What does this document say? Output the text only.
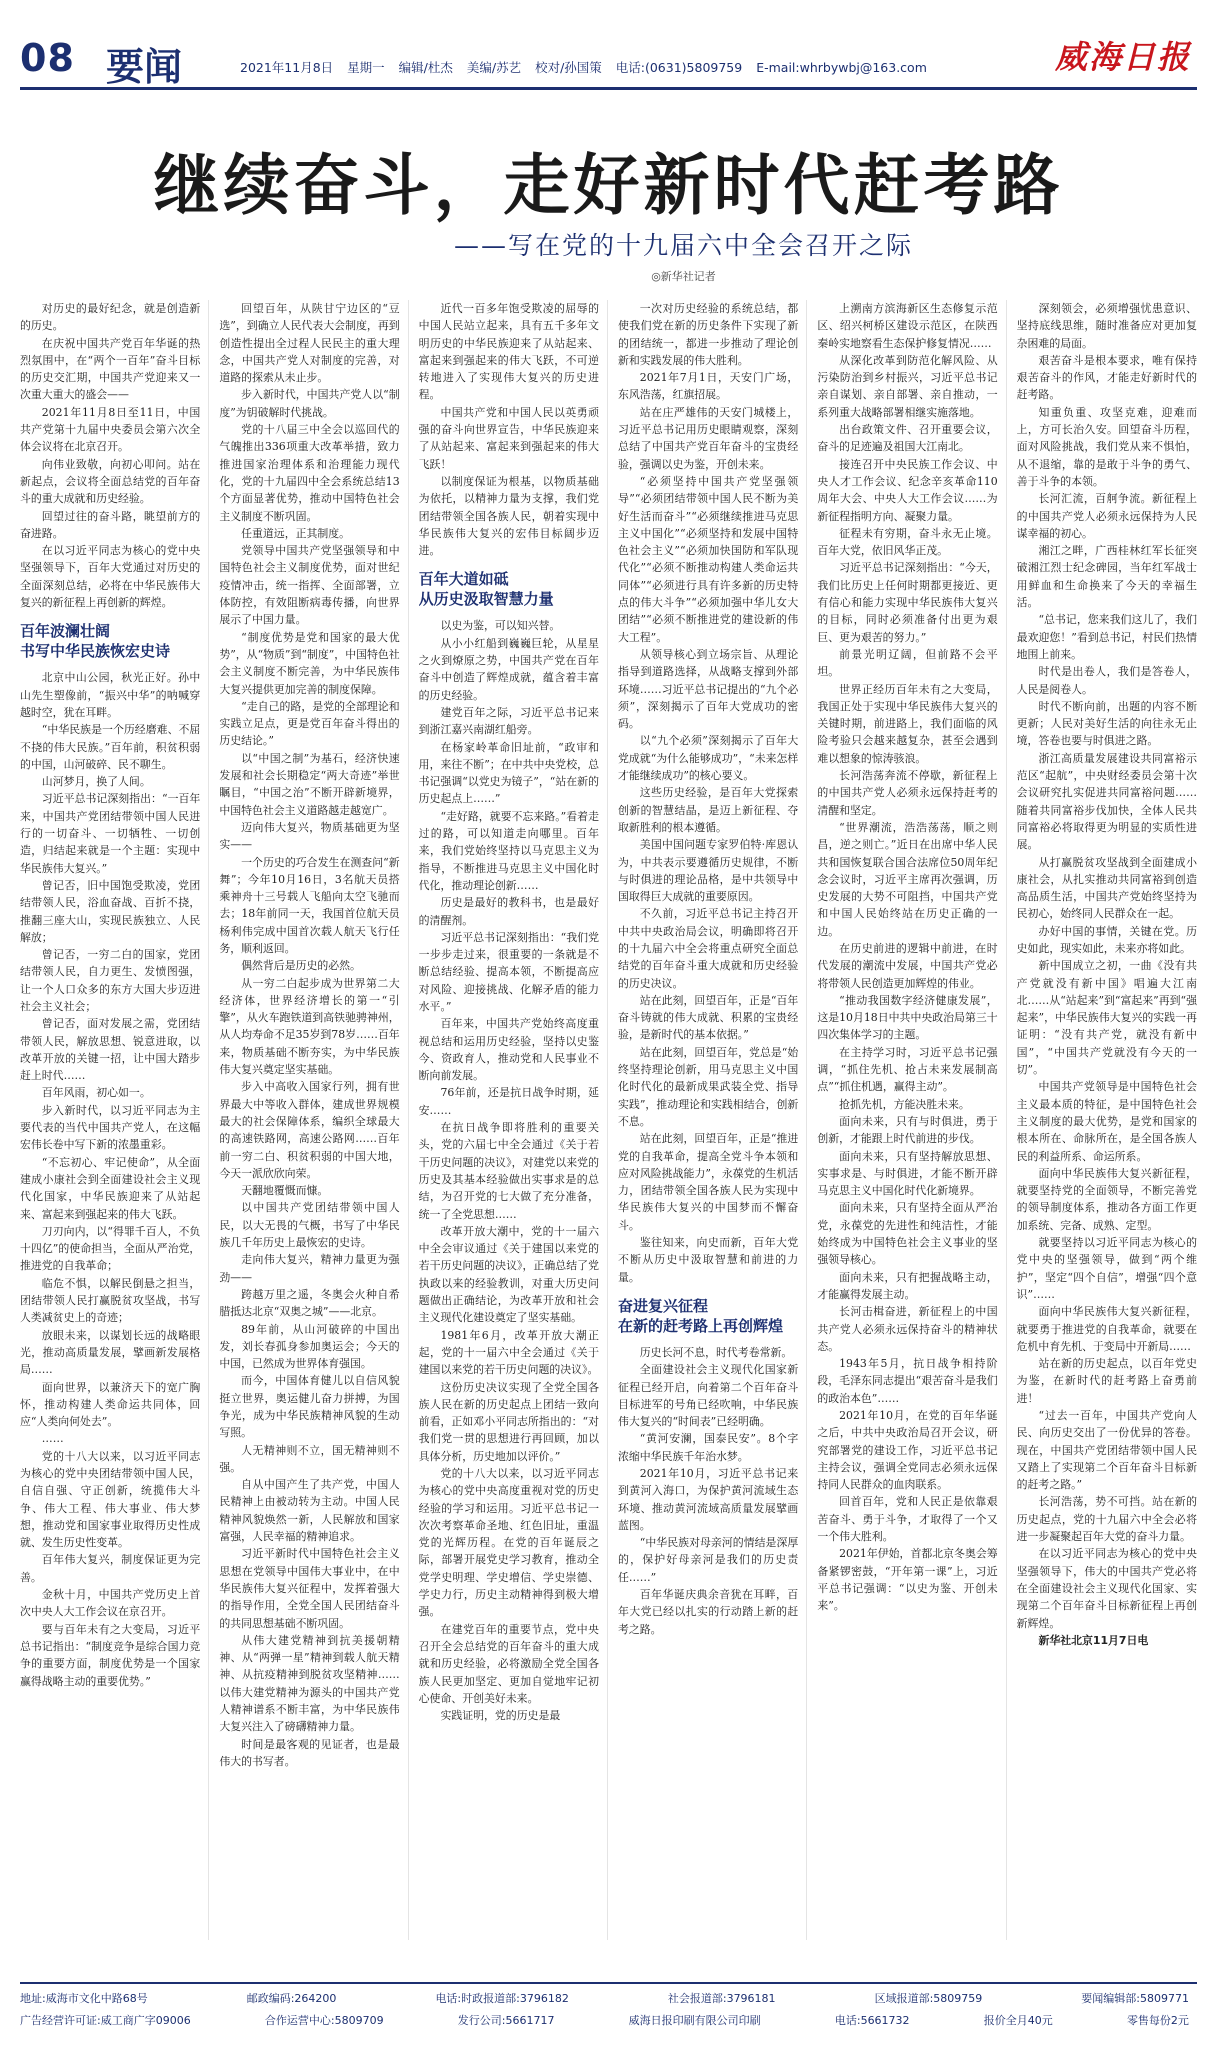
08 要闻	2021年11月8日 星期一 编辑/杜杰 美编/苏艺 校对/孙国策 电话:(0631)5809759 E-mail:whrbywbj@163.com	威海日报
继续奋斗，走好新时代赶考路
——写在党的十九届六中全会召开之际
◎新华社记者

对历史的最好纪念，就是创造新的历史。

在庆祝中国共产党百年华诞的热烈氛围中，在“两个一百年”奋斗目标的历史交汇期，中国共产党迎来又一次重大重大的盛会——

2021年11月8日至11日，中国共产党第十九届中央委员会第六次全体会议将在北京召开。

向伟业致敬，向初心叩问。站在新起点，会议将全面总结党的百年奋斗的重大成就和历史经验。

回望过往的奋斗路，眺望前方的奋进路。

在以习近平同志为核心的党中央坚强领导下，百年大党通过对历史的全面深刻总结，必将在中华民族伟大复兴的新征程上再创新的辉煌。

百年波澜壮阔
书写中华民族恢宏史诗

北京中山公园，秋光正好。孙中山先生塑像前，“振兴中华”的呐喊穿越时空，犹在耳畔。

“中华民族是一个历经磨难、不屈不挠的伟大民族。”百年前，积贫积弱的中国，山河破碎、民不聊生。

山河梦月，换了人间。

习近平总书记深刻指出：“一百年来，中国共产党团结带领中国人民进行的一切奋斗、一切牺牲、一切创造，归结起来就是一个主题：实现中华民族伟大复兴。”

曾记否，旧中国饱受欺凌，党团结带领人民，浴血奋战、百折不挠，推翻三座大山，实现民族独立、人民解放；

曾记否，一穷二白的国家，党团结带领人民，自力更生、发愤图强，让一个人口众多的东方大国大步迈进社会主义社会；

曾记否，面对发展之需，党团结带领人民，解放思想、锐意进取，以改革开放的关键一招，让中国大踏步赶上时代……

百年风雨，初心如一。

步入新时代，以习近平同志为主要代表的当代中国共产党人，在这幅宏伟长卷中写下新的浓墨重彩。

“不忘初心、牢记使命”，从全面建成小康社会到全面建设社会主义现代化国家，中华民族迎来了从站起来、富起来到强起来的伟大飞跃。

刀刃向内，以“得罪千百人，不负十四亿”的使命担当，全面从严治党，推进党的自我革命；

临危不惧，以解民倒悬之担当，团结带领人民打赢脱贫攻坚战，书写人类减贫史上的奇迹；

放眼未来，以谋划长远的战略眼光，推动高质量发展，擘画新发展格局……

面向世界，以兼济天下的宽广胸怀，推动构建人类命运共同体，回应“人类向何处去”。

……

党的十八大以来，以习近平同志为核心的党中央团结带领中国人民，自信自强、守正创新，统揽伟大斗争、伟大工程、伟大事业、伟大梦想，推动党和国家事业取得历史性成就、发生历史性变革。

百年伟大复兴，制度保证更为完善。

金秋十月，中国共产党历史上首次中央人大工作会议在京召开。

要与百年未有之大变局，习近平总书记指出：“制度竞争是综合国力竞争的重要方面，制度优势是一个国家赢得战略主动的重要优势。”

回望百年，从陕甘宁边区的“豆选”，到确立人民代表大会制度，再到创造性提出全过程人民民主的重大理念，中国共产党人对制度的完善，对道路的探索从未止步。

步入新时代，中国共产党人以“制度”为钥破解时代挑战。

党的十八届三中全会以巡回代的气魄推出336项重大改革举措，致力推进国家治理体系和治理能力现代化，党的十九届四中全会系统总结13个方面显著优势，推动中国特色社会主义制度不断巩固。

任重道远，正其制度。

党领导中国共产党坚强领导和中国特色社会主义制度优势，面对世纪疫情冲击，统一指挥、全面部署，立体防控，有效阻断病毒传播，向世界展示了中国力量。

“制度优势是党和国家的最大优势”，从“物质”到“制度”，中国特色社会主义制度不断完善，为中华民族伟大复兴提供更加完善的制度保障。

“走自己的路，是党的全部理论和实践立足点，更是党百年奋斗得出的历史结论。”

以“中国之制”为基石，经济快速发展和社会长期稳定“两大奇迹”举世瞩目，“中国之治”不断开辟新境界，中国特色社会主义道路越走越宽广。

迈向伟大复兴，物质基础更为坚实——

一个历史的巧合发生在测查问“新舞”；今年10月16日，3名航天员搭乘神舟十三号载人飞船向太空飞驰而去；18年前同一天，我国首位航天员杨利伟完成中国首次载人航天飞行任务，顺利返回。

偶然背后是历史的必然。

从一穷二白起步成为世界第二大经济体，世界经济增长的第一“引擎”，从火车跑铁道到高铁驰骋神州，从人均寿命不足35岁到78岁……百年来，物质基础不断夯实，为中华民族伟大复兴奠定坚实基础。

步入中高收入国家行列，拥有世界最大中等收入群体，建成世界规模最大的社会保障体系，编织全球最大的高速铁路网，高速公路网……百年前一穷二白、积贫积弱的中国大地，今天一派欣欣向荣。

天翻地覆慨而慷。

以中国共产党团结带领中国人民，以大无畏的气概，书写了中华民族几千年历史上最恢宏的史诗。

走向伟大复兴，精神力量更为强劲——

跨越万里之遥，冬奥会火种自希腊抵达北京“双奥之城”——北京。

89年前，从山河破碎的中国出发，刘长春孤身参加奥运会；今天的中国，已然成为世界体育强国。

而今，中国体育健儿以自信风貌挺立世界，奥运健儿奋力拼搏，为国争光，成为中华民族精神风貌的生动写照。

人无精神则不立，国无精神则不强。

自从中国产生了共产党，中国人民精神上由被动转为主动。中国人民精神风貌焕然一新，人民解放和国家富强，人民幸福的精神追求。

习近平新时代中国特色社会主义思想在党领导中国伟大事业中，在中华民族伟大复兴征程中，发挥着强大的指导作用，全党全国人民团结奋斗的共同思想基础不断巩固。

从伟大建党精神到抗美援朝精神、从“两弹一星”精神到载人航天精神、从抗疫精神到脱贫攻坚精神……以伟大建党精神为源头的中国共产党人精神谱系不断丰富，为中华民族伟大复兴注入了磅礴精神力量。

时间是最客观的见证者，也是最伟大的书写者。

近代一百多年饱受欺凌的屈辱的中国人民站立起来，具有五千多年文明历史的中华民族迎来了从站起来、富起来到强起来的伟大飞跃，不可逆转地进入了实现伟大复兴的历史进程。

中国共产党和中国人民以英勇顽强的奋斗向世界宣告，中华民族迎来了从站起来、富起来到强起来的伟大飞跃！

以制度保证为根基，以物质基础为依托，以精神力量为支撑，我们党团结带领全国各族人民，朝着实现中华民族伟大复兴的宏伟目标阔步迈进。

百年大道如砥
从历史汲取智慧力量

以史为鉴，可以知兴替。

从小小红船到巍巍巨轮，从星星之火到燎原之势，中国共产党在百年奋斗中创造了辉煌成就，蕴含着丰富的历史经验。

建党百年之际，习近平总书记来到浙江嘉兴南湖红船旁。

在杨家岭革命旧址前，“政审和用，来往不断”；在中共中央党校，总书记强调“以党史为镜子”，“站在新的历史起点上……”

“走好路，就要不忘来路。”看着走过的路，可以知道走向哪里。百年来，我们党始终坚持以马克思主义为指导，不断推进马克思主义中国化时代化，推动理论创新……

历史是最好的教科书，也是最好的清醒剂。

习近平总书记深刻指出：“我们党一步步走过来，很重要的一条就是不断总结经验、提高本领，不断提高应对风险、迎接挑战、化解矛盾的能力水平。”

百年来，中国共产党始终高度重视总结和运用历史经验，坚持以史鉴今、资政育人，推动党和人民事业不断向前发展。

76年前，还是抗日战争时期，延安……

在抗日战争即将胜利的重要关头，党的六届七中全会通过《关于若干历史问题的决议》，对建党以来党的历史及其基本经验做出实事求是的总结，为召开党的七大做了充分准备，统一了全党思想……

改革开放大潮中，党的十一届六中全会审议通过《关于建国以来党的若干历史问题的决议》，正确总结了党执政以来的经验教训，对重大历史问题做出正确结论，为改革开放和社会主义现代化建设奠定了坚实基础。

1981年6月，改革开放大潮正起，党的十一届六中全会通过《关于建国以来党的若干历史问题的决议》。

这份历史决议实现了全党全国各族人民在新的历史起点上团结一致向前看，正如邓小平同志所指出的：“对我们党一贯的思想进行再回顾，加以具体分析，历史地加以评价。”

党的十八大以来，以习近平同志为核心的党中央高度重视对党的历史经验的学习和运用。习近平总书记一次次考察革命圣地、红色旧址，重温党的光辉历程。在党的百年诞辰之际，部署开展党史学习教育，推动全党学史明理、学史增信、学史崇德、学史力行，历史主动精神得到极大增强。

在建党百年的重要节点，党中央召开全会总结党的百年奋斗的重大成就和历史经验，必将激励全党全国各族人民更加坚定、更加自觉地牢记初心使命、开创美好未来。

实践证明，党的历史是最

一次对历史经验的系统总结，都使我们党在新的历史条件下实现了新的团结统一，都进一步推动了理论创新和实践发展的伟大胜利。

2021年7月1日，天安门广场，东风浩荡，红旗招展。

站在庄严雄伟的天安门城楼上，习近平总书记用历史眼睛观察，深刻总结了中国共产党百年奋斗的宝贵经验，强调以史为鉴，开创未来。

“必须坚持中国共产党坚强领导”“必须团结带领中国人民不断为美好生活而奋斗”“必须继续推进马克思主义中国化”“必须坚持和发展中国特色社会主义”“必须加快国防和军队现代化”“必须不断推动构建人类命运共同体”“必须进行具有许多新的历史特点的伟大斗争”“必须加强中华儿女大团结”“必须不断推进党的建设新的伟大工程”。

从领导核心到立场宗旨、从理论指导到道路选择，从战略支撑到外部环境……习近平总书记提出的“九个必须”，深刻揭示了百年大党成功的密码。

以“九个必须”深刻揭示了百年大党成就“为什么能够成功”，“未来怎样才能继续成功”的核心要义。

这些历史经验，是百年大党探索创新的智慧结晶，是迈上新征程、夺取新胜利的根本遵循。

美国中国问题专家罗伯特·库恩认为，中共表示要遵循历史规律，不断与时俱进的理论品格，是中共领导中国取得巨大成就的重要原因。

不久前，习近平总书记主持召开中共中央政治局会议，明确即将召开的十九届六中全会将重点研究全面总结党的百年奋斗重大成就和历史经验的历史决议。

站在此刻，回望百年，正是“百年奋斗铸就的伟大成就、积累的宝贵经验，是新时代的基本依据。”

站在此刻，回望百年，党总是“始终坚持理论创新，用马克思主义中国化时代化的最新成果武装全党、指导实践”，推动理论和实践相结合，创新不息。

站在此刻，回望百年，正是“推进党的自我革命，提高全党斗争本领和应对风险挑战能力”，永葆党的生机活力，团结带领全国各族人民为实现中华民族伟大复兴的中国梦而不懈奋斗。

鉴往知来，向史而新，百年大党不断从历史中汲取智慧和前进的力量。

奋进复兴征程
在新的赶考路上再创辉煌

历史长河不息，时代考卷常新。

全面建设社会主义现代化国家新征程已经开启，向着第二个百年奋斗目标进军的号角已经吹响，中华民族伟大复兴的“时间表”已经明确。

“黄河安澜，国泰民安”。8个字浓缩中华民族千年治水梦。

2021年10月，习近平总书记来到黄河入海口，为保护黄河流域生态环境、推动黄河流域高质量发展擘画蓝图。

“中华民族对母亲河的情结是深厚的，保护好母亲河是我们的历史责任……”

百年华诞庆典余音犹在耳畔，百年大党已经以扎实的行动踏上新的赶考之路。

上溯南方滨海新区生态修复示范区、绍兴柯桥区建设示范区，在陕西秦岭实地察看生态保护修复情况……

从深化改革到防范化解风险、从污染防治到乡村振兴，习近平总书记亲自谋划、亲自部署、亲自推动，一系列重大战略部署相继实施落地。

出台政策文件、召开重要会议，奋斗的足迹遍及祖国大江南北。

接连召开中央民族工作会议、中央人才工作会议、纪念辛亥革命110周年大会、中央人大工作会议……为新征程指明方向、凝聚力量。

征程未有穷期，奋斗永无止境。百年大党，依旧风华正茂。

习近平总书记深刻指出：“今天，我们比历史上任何时期都更接近、更有信心和能力实现中华民族伟大复兴的目标，同时必须准备付出更为艰巨、更为艰苦的努力。”

前景光明辽阔，但前路不会平坦。

世界正经历百年未有之大变局，我国正处于实现中华民族伟大复兴的关键时期，前进路上，我们面临的风险考验只会越来越复杂，甚至会遇到难以想象的惊涛骇浪。

长河浩荡奔流不停歇，新征程上的中国共产党人必须永远保持赶考的清醒和坚定。

“世界潮流，浩浩荡荡，顺之则昌，逆之则亡。”近日在出席中华人民共和国恢复联合国合法席位50周年纪念会议时，习近平主席再次强调，历史发展的大势不可阻挡，中国共产党和中国人民始终站在历史正确的一边。

在历史前进的逻辑中前进，在时代发展的潮流中发展，中国共产党必将带领人民创造更加辉煌的伟业。

“推动我国数字经济健康发展”，这是10月18日中共中央政治局第三十四次集体学习的主题。

在主持学习时，习近平总书记强调，“抓住先机、抢占未来发展制高点”“抓住机遇，赢得主动”。

抢抓先机，方能决胜未来。

面向未来，只有与时俱进，勇于创新，才能跟上时代前进的步伐。

面向未来，只有坚持解放思想、实事求是、与时俱进，才能不断开辟马克思主义中国化时代化新境界。

面向未来，只有坚持全面从严治党，永葆党的先进性和纯洁性，才能始终成为中国特色社会主义事业的坚强领导核心。

面向未来，只有把握战略主动，才能赢得发展主动。

长河击楫奋进，新征程上的中国共产党人必须永远保持奋斗的精神状态。

1943年5月，抗日战争相持阶段，毛泽东同志提出“艰苦奋斗是我们的政治本色”……

2021年10月，在党的百年华诞之后，中共中央政治局召开会议，研究部署党的建设工作，习近平总书记主持会议，强调全党同志必须永远保持同人民群众的血肉联系。

回首百年，党和人民正是依靠艰苦奋斗、勇于斗争，才取得了一个又一个伟大胜利。

2021年伊始，首都北京冬奥会筹备紧锣密鼓，“开年第一课”上，习近平总书记强调：“以史为鉴、开创未来”。

深刻领会，必须增强忧患意识、坚持底线思维，随时准备应对更加复杂困难的局面。

艰苦奋斗是根本要求，唯有保持艰苦奋斗的作风，才能走好新时代的赶考路。

知重负重、攻坚克难，迎难而上，方可长治久安。回望奋斗历程，面对风险挑战，我们党从来不惧怕，从不退缩，靠的是敢于斗争的勇气、善于斗争的本领。

长河汇流，百舸争流。新征程上的中国共产党人必须永远保持为人民谋幸福的初心。

湘江之畔，广西桂林红军长征突破湘江烈士纪念碑园，当年红军战士用鲜血和生命换来了今天的幸福生活。

“总书记，您来我们这儿了，我们最欢迎您！”看到总书记，村民们热情地围上前来。

时代是出卷人，我们是答卷人，人民是阅卷人。

时代不断向前，出题的内容不断更新；人民对美好生活的向往永无止境，答卷也要与时俱进之路。

浙江高质量发展建设共同富裕示范区“起航”，中央财经委员会第十次会议研究扎实促进共同富裕问题……随着共同富裕步伐加快，全体人民共同富裕必将取得更为明显的实质性进展。

从打赢脱贫攻坚战到全面建成小康社会，从扎实推动共同富裕到创造高品质生活，中国共产党始终坚持为民初心，始终同人民群众在一起。

办好中国的事情，关键在党。历史如此，现实如此，未来亦将如此。

新中国成立之初，一曲《没有共产党就没有新中国》唱遍大江南北……从“站起来”到“富起来”再到“强起来”，中华民族伟大复兴的实践一再证明：“没有共产党，就没有新中国”，“中国共产党就没有今天的一切”。

中国共产党领导是中国特色社会主义最本质的特征，是中国特色社会主义制度的最大优势，是党和国家的根本所在、命脉所在，是全国各族人民的利益所系、命运所系。

面向中华民族伟大复兴新征程，就要坚持党的全面领导，不断完善党的领导制度体系，推动各方面工作更加系统、完备、成熟、定型。

就要坚持以习近平同志为核心的党中央的坚强领导，做到“两个维护”，坚定“四个自信”，增强“四个意识”……

面向中华民族伟大复兴新征程，就要勇于推进党的自我革命，就要在危机中育先机、于变局中开新局……

站在新的历史起点，以百年党史为鉴，在新时代的赶考路上奋勇前进！

“过去一百年，中国共产党向人民、向历史交出了一份优异的答卷。现在，中国共产党团结带领中国人民又踏上了实现第二个百年奋斗目标新的赶考之路。”

长河浩荡，势不可挡。站在新的历史起点，党的十九届六中全会必将进一步凝聚起百年大党的奋斗力量。

在以习近平同志为核心的党中央坚强领导下，伟大的中国共产党必将在全面建设社会主义现代化国家、实现第二个百年奋斗目标新征程上再创新辉煌。

新华社北京11月7日电

地址:威海市文化中路68号	邮政编码:264200	电话:时政报道部:3796182	社会报道部:3796181	区域报道部:5809759	要闻编辑部:5809771
广告经营许可证:威工商广字09006	合作运营中心:5809709	发行公司:5661717	威海日报印刷有限公司印刷	电话:5661732	报价全月40元	零售每份2元
